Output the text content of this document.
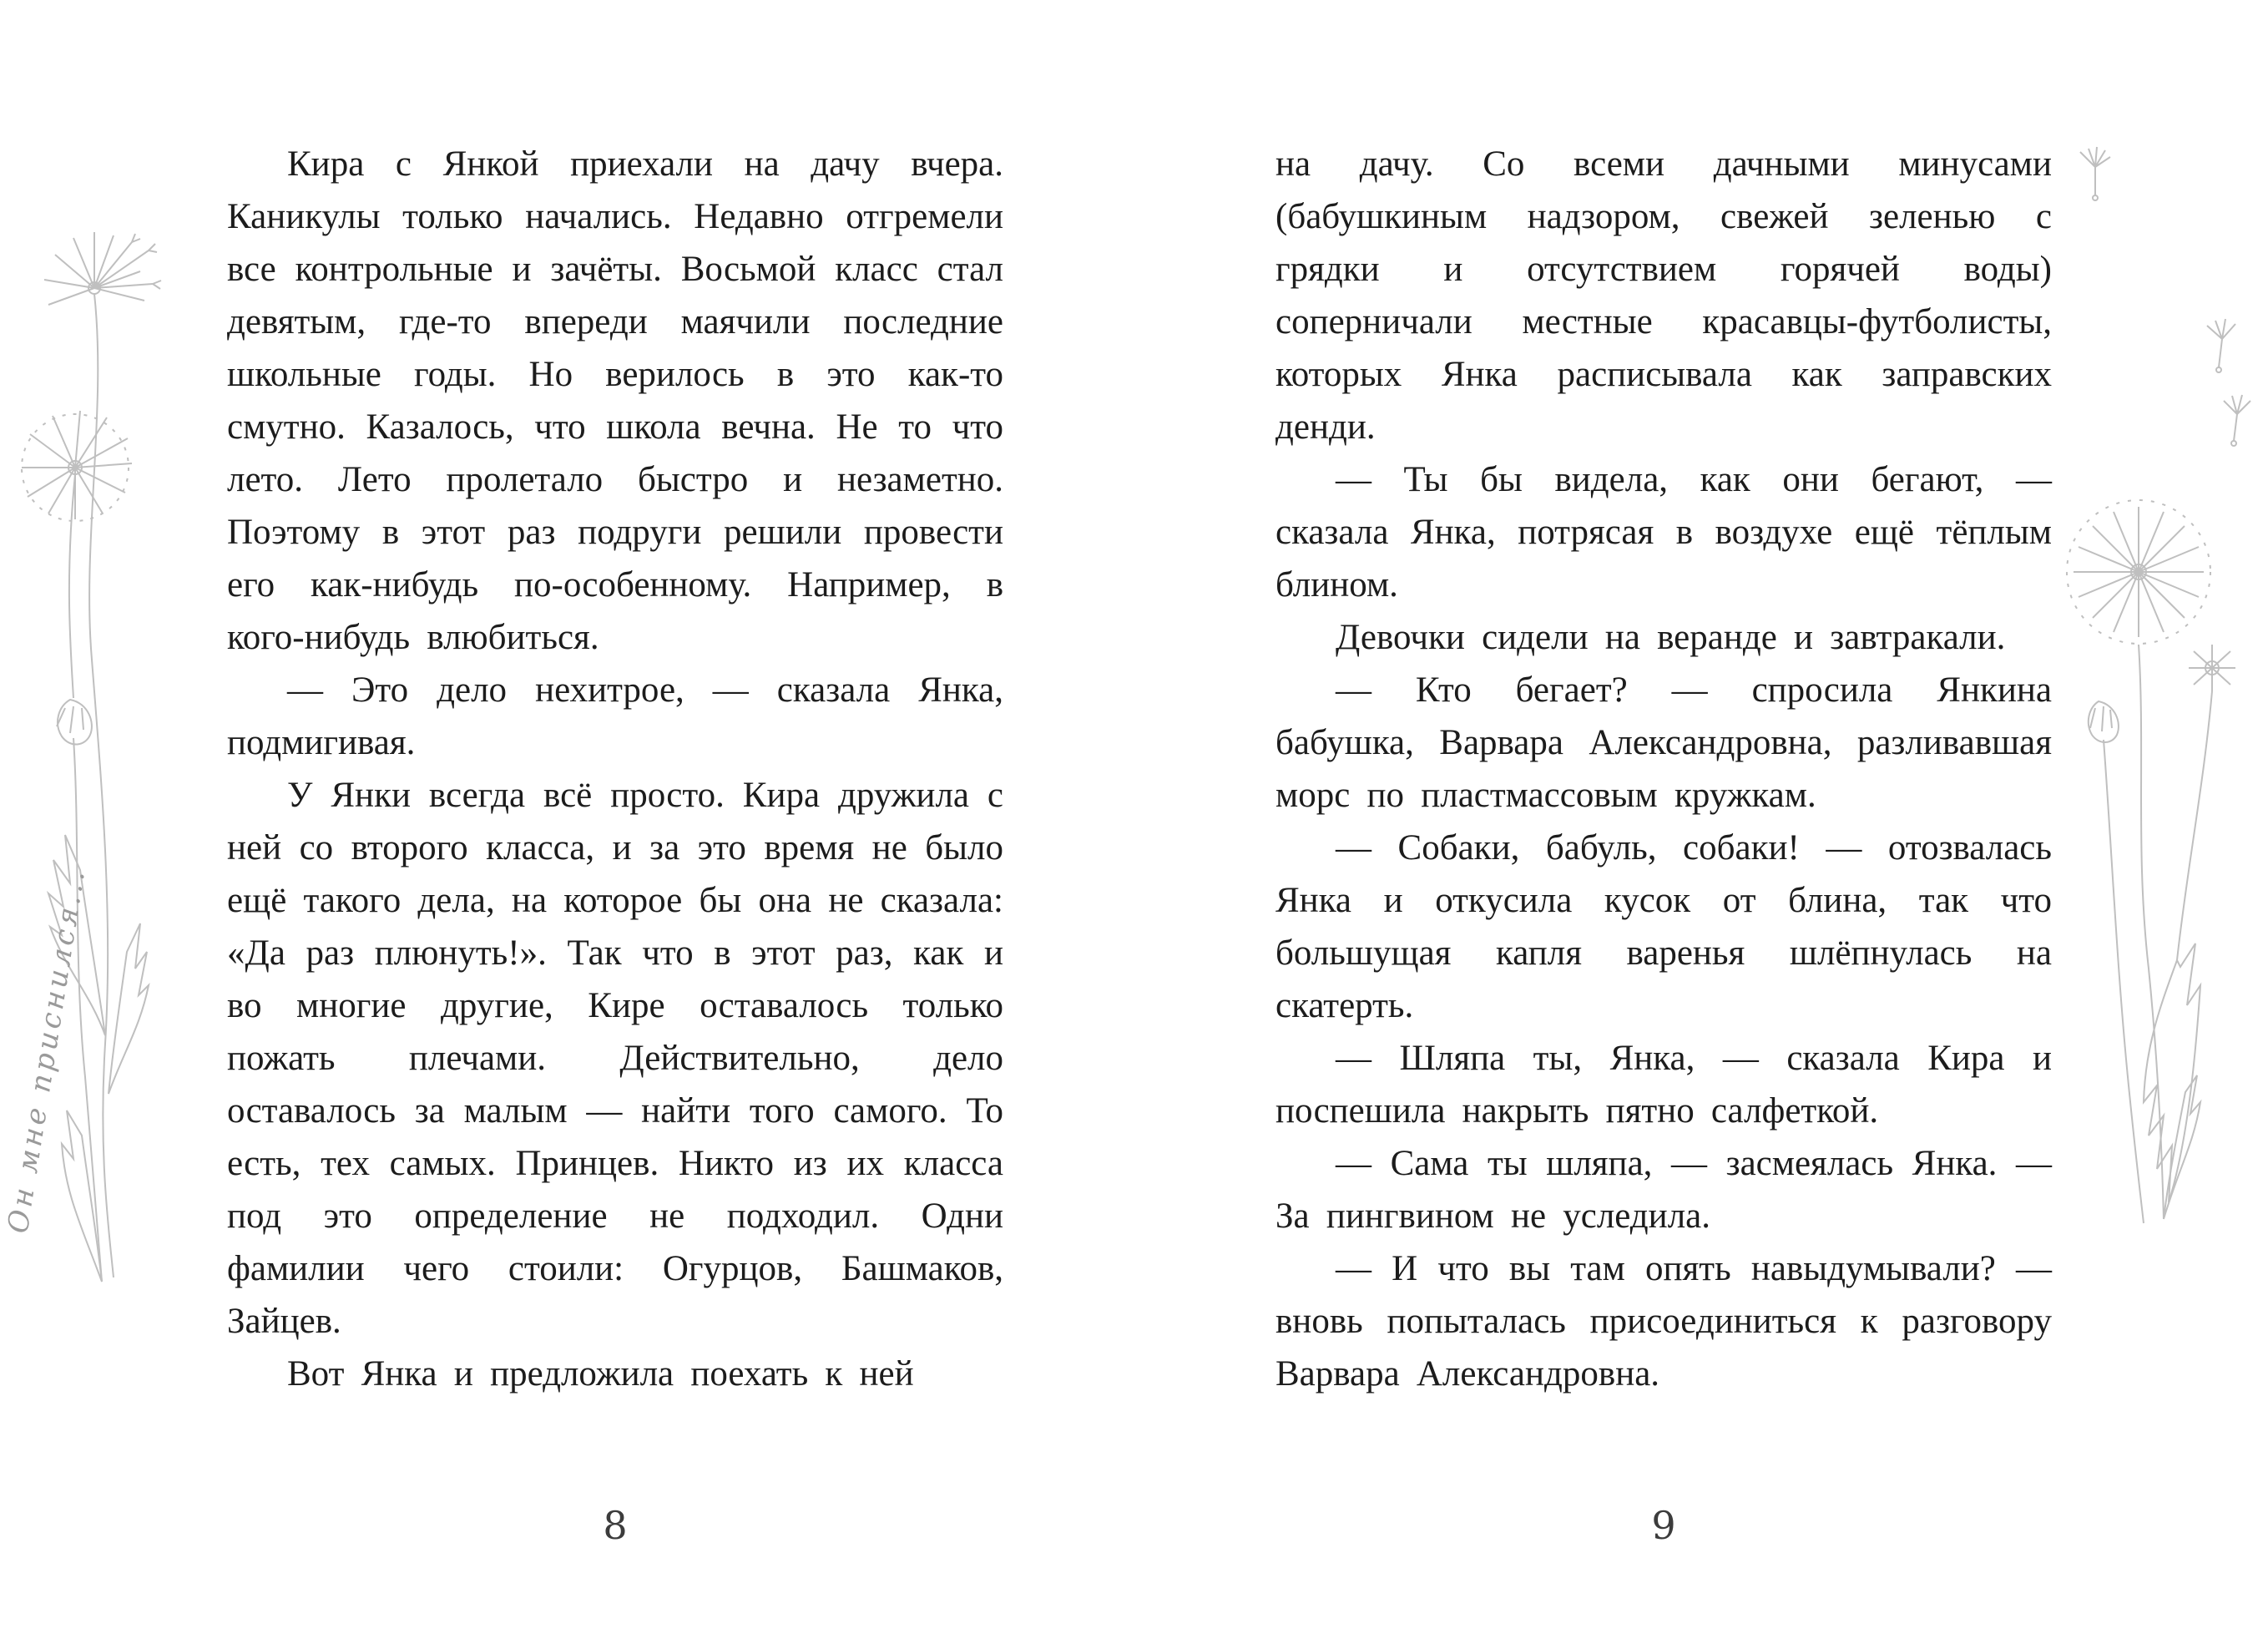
Он мне приснился...

Кира с Янкой приехали на дачу вчера. Каникулы только начались. Недавно отгремели все контрольные и зачёты. Восьмой класс стал девятым, где-то впереди маячили последние школьные годы. Но верилось в это как-то смутно. Казалось, что школа вечна. Не то что лето. Лето пролетало быстро и незаметно. Поэтому в этот раз подруги решили провести его как-нибудь по-особенному. Например, в кого-нибудь влюбиться.

— Это дело нехитрое, — сказала Янка, подмигивая.

У Янки всегда всё просто. Кира дружила с ней со второго класса, и за это время не было ещё такого дела, на которое бы она не сказала: «Да раз плюнуть!». Так что в этот раз, как и во многие другие, Кире оставалось только пожать плечами. Действительно, дело оставалось за малым — найти того самого. То есть, тех самых. Принцев. Никто из их класса под это определение не подходил. Одни фамилии чего стоили: Огурцов, Башмаков, Зайцев.

Вот Янка и предложила поехать к ней

на дачу. Со всеми дачными минусами (бабушкиным надзором, свежей зеленью с грядки и отсутствием горячей воды) соперничали местные красавцы-футболисты, которых Янка расписывала как заправских денди.

— Ты бы видела, как они бегают, — сказала Янка, потрясая в воздухе ещё тёплым блином.

Девочки сидели на веранде и завтракали.

— Кто бегает? — спросила Янкина бабушка, Варвара Александровна, разливавшая морс по пластмассовым кружкам.

— Собаки, бабуль, собаки! — отозвалась Янка и откусила кусок от блина, так что большущая капля варенья шлёпнулась на скатерть.

— Шляпа ты, Янка, — сказала Кира и поспешила накрыть пятно салфеткой.

— Сама ты шляпа, — засмеялась Янка. — За пингвином не уследила.

— И что вы там опять навыдумывали? — вновь попыталась присоединиться к разговору Варвара Александровна.

8	9
